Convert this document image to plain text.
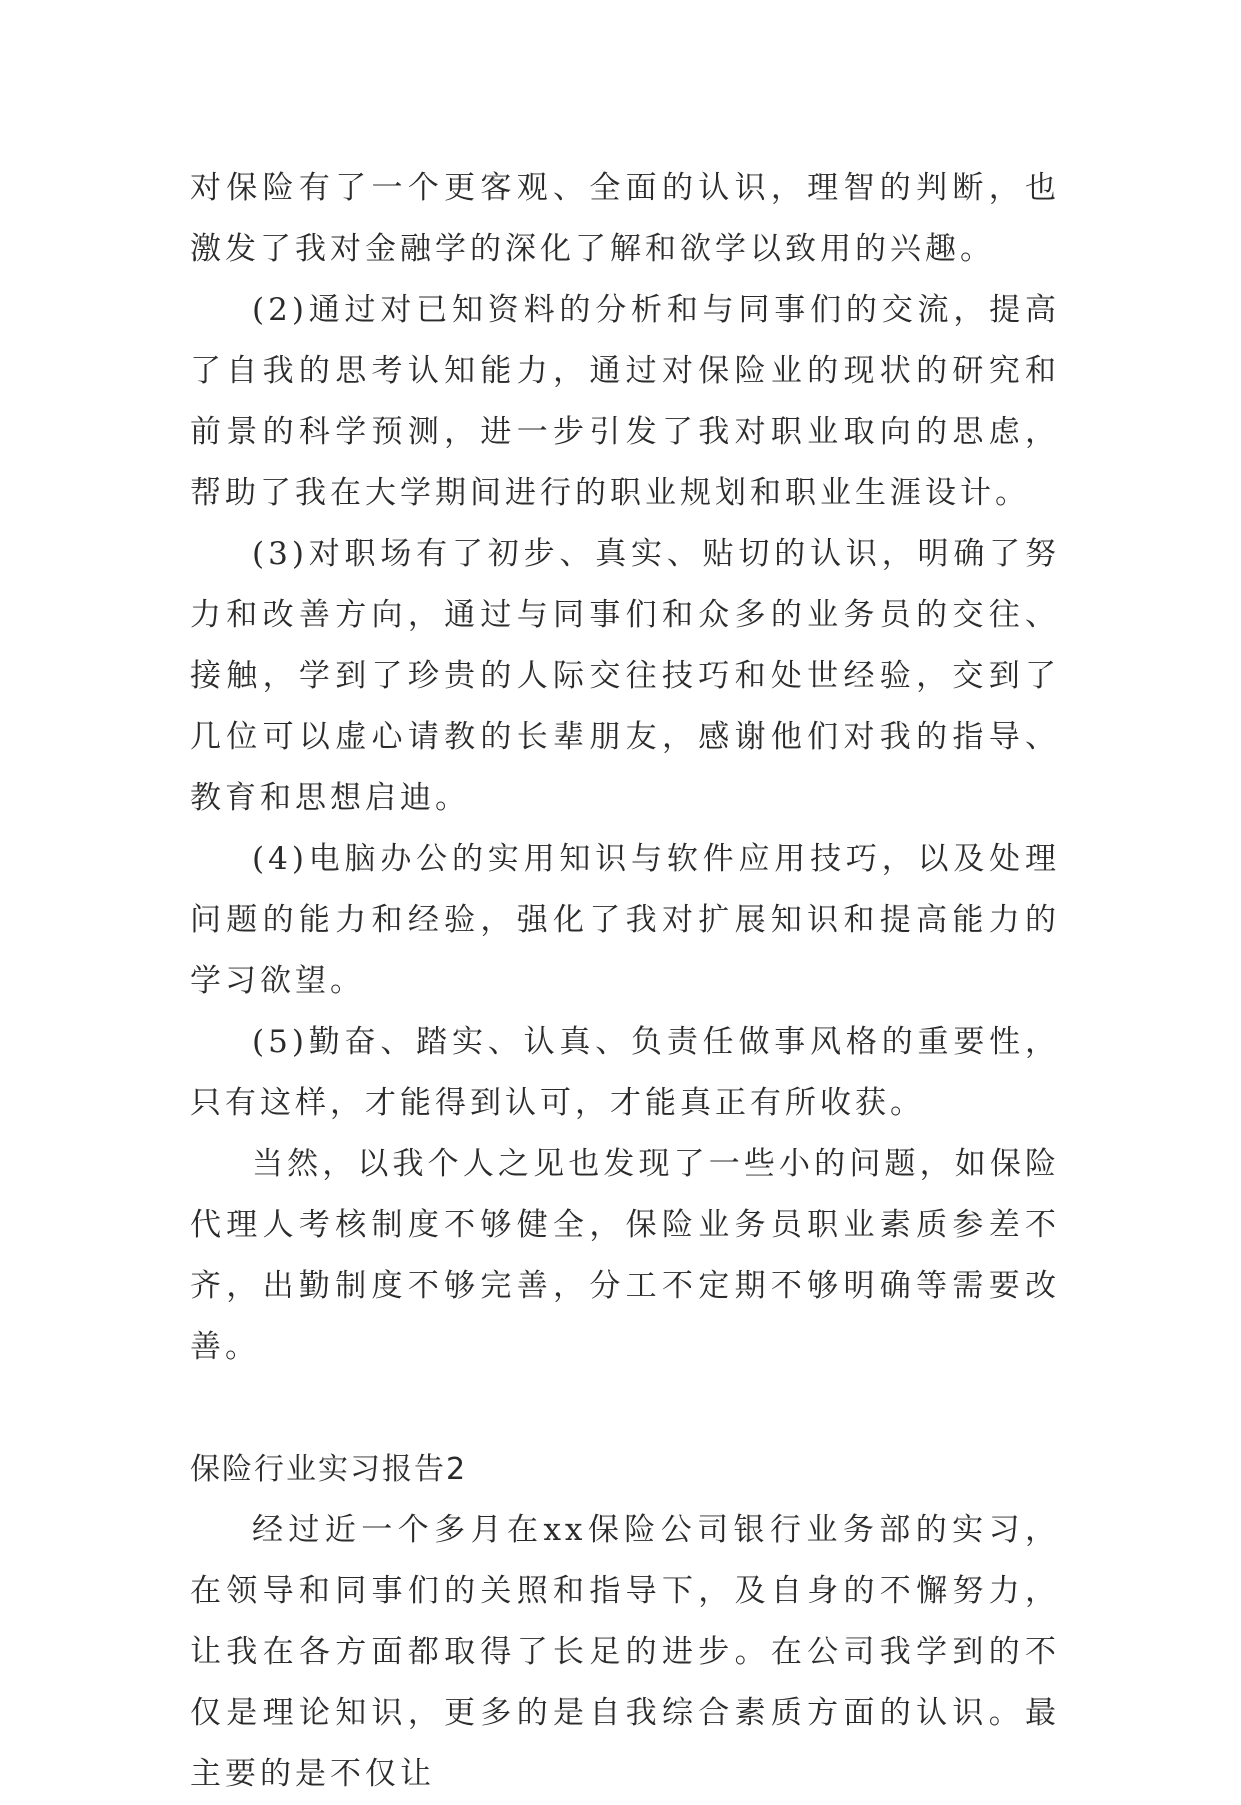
对保险有了一个更客观、全面的认识，理智的判断，也激发了我对金融学的深化了解和欲学以致用的兴趣。

(2)通过对已知资料的分析和与同事们的交流，提高了自我的思考认知能力，通过对保险业的现状的研究和前景的科学预测，进一步引发了我对职业取向的思虑，帮助了我在大学期间进行的职业规划和职业生涯设计。

(3)对职场有了初步、真实、贴切的认识，明确了努力和改善方向，通过与同事们和众多的业务员的交往、接触，学到了珍贵的人际交往技巧和处世经验，交到了几位可以虚心请教的长辈朋友，感谢他们对我的指导、教育和思想启迪。

(4)电脑办公的实用知识与软件应用技巧，以及处理问题的能力和经验，强化了我对扩展知识和提高能力的学习欲望。

(5)勤奋、踏实、认真、负责任做事风格的重要性，只有这样，才能得到认可，才能真正有所收获。

当然，以我个人之见也发现了一些小的问题，如保险代理人考核制度不够健全，保险业务员职业素质参差不齐，出勤制度不够完善，分工不定期不够明确等需要改善。

保险行业实习报告2

经过近一个多月在xx保险公司银行业务部的实习，在领导和同事们的关照和指导下，及自身的不懈努力，让我在各方面都取得了长足的进步。在公司我学到的不仅是理论知识，更多的是自我综合素质方面的认识。最主要的是不仅让
